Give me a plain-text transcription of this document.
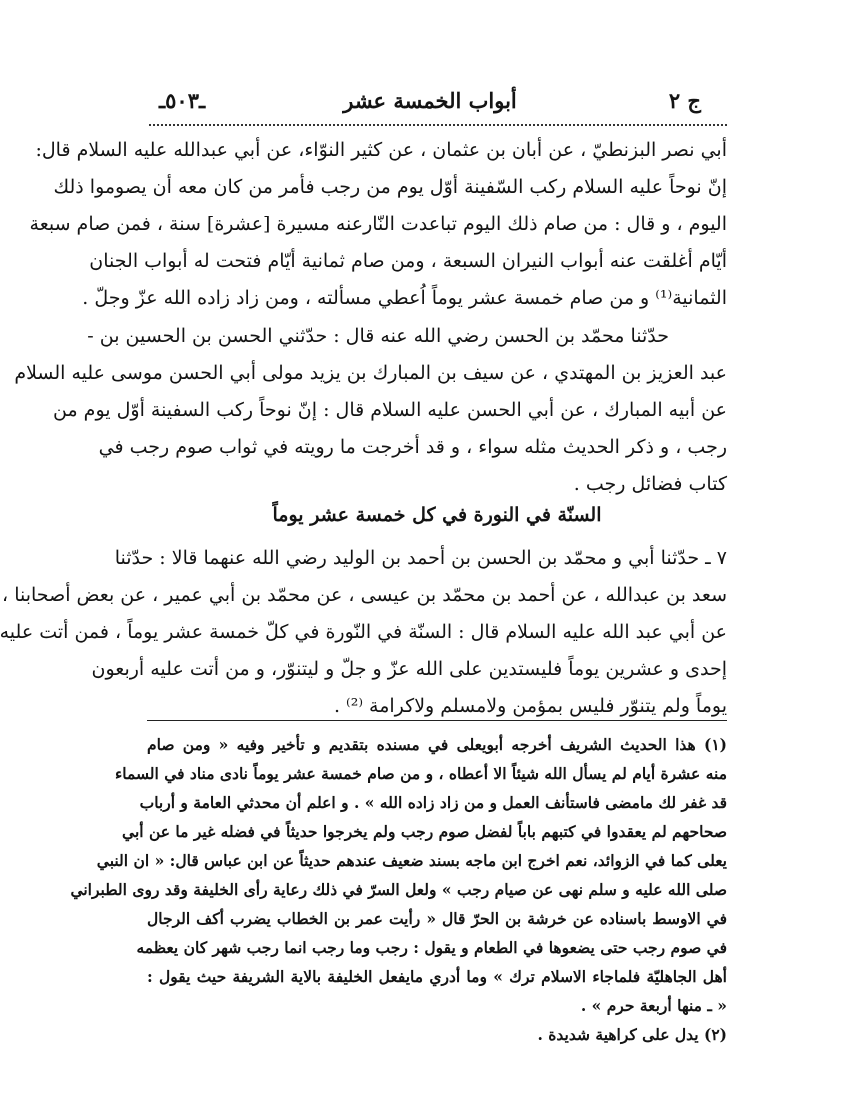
ج ٢
أبواب الخمسة عشر
ـ٥٠٣ـ
أبي نصر البزنطيّ ، عن أبان بن عثمان ، عن كثير النوّاء، عن أبي عبدالله عليه السلام قال:
إنّ نوحاً عليه السلام ركب السّفينة أوّل يوم من رجب فأمر من كان معه أن يصوموا ذلك
اليوم ، و قال : من صام ذلك اليوم تباعدت النّارعنه مسيرة [عشرة] سنة ، فمن صام سبعة
أيّام أغلقت عنه أبواب النيران السبعة ، ومن صام ثمانية أيّام فتحت له أبواب الجنان
الثمانية⁽¹⁾ و من صام خمسة عشر يوماً اُعطي مسألته ، ومن زاد زاده الله عزّ وجلّ .
حدّثنا محمّد بن الحسن رضي الله عنه قال : حدّثني الحسن بن الحسين بن -
عبد العزيز بن المهتدي ، عن سيف بن المبارك بن يزيد مولى أبي الحسن موسى عليه السلام
عن أبيه المبارك ، عن أبي الحسن عليه السلام قال : إنّ نوحاً ركب السفينة أوّل يوم من
رجب ، و ذكر الحديث مثله سواء ، و قد أخرجت ما رويته في ثواب صوم رجب في
كتاب فضائل رجب .
السنّة في النورة في كل خمسة عشر يوماً
٧ ـ حدّثنا أبي و محمّد بن الحسن بن أحمد بن الوليد رضي الله عنهما قالا : حدّثنا
سعد بن عبدالله ، عن أحمد بن محمّد بن عيسى ، عن محمّد بن أبي عمير ، عن بعض أصحابنا ،
عن أبي عبد الله عليه السلام قال : السنّة في النّورة في كلّ خمسة عشر يوماً ، فمن أتت عليه
إحدى و عشرين يوماً فليستدين على الله عزّ و جلّ و ليتنوّر، و من أتت عليه أربعون
يوماً ولم يتنوّر فليس بمؤمن ولامسلم ولاكرامة ⁽²⁾ .
(١) هذا الحديث الشريف أخرجه أبويعلى في مسنده بتقديم و تأخير وفيه « ومن صام
منه عشرة أيام لم يسأل الله شيئاً الا أعطاه ، و من صام خمسة عشر يوماً نادى مناد في السماء
قد غفر لك مامضى فاستأنف العمل و من زاد زاده الله » . و اعلم أن محدثي العامة و أرباب
صحاحهم لم يعقدوا في كتبهم باباً لفضل صوم رجب ولم يخرجوا حديثاً في فضله غير ما عن أبي
يعلى كما في الزوائد، نعم اخرج ابن ماجه بسند ضعيف عندهم حديثاً عن ابن عباس قال: « ان النبي
صلى الله عليه و سلم نهى عن صيام رجب » ولعل السرّ في ذلك رعاية رأى الخليفة وقد روى الطبراني
في الاوسط باسناده عن خرشة بن الحرّ قال « رأيت عمر بن الخطاب يضرب أكف الرجال
في صوم رجب حتى يضعوها في الطعام و يقول : رجب وما رجب انما رجب شهر كان يعظمه
أهل الجاهليّة فلماجاء الاسلام ترك » وما أدري مايفعل الخليفة بالاية الشريفة حيث يقول :
« ـ منها أربعة حرم » .
(٢) يدل على كراهية شديدة .
